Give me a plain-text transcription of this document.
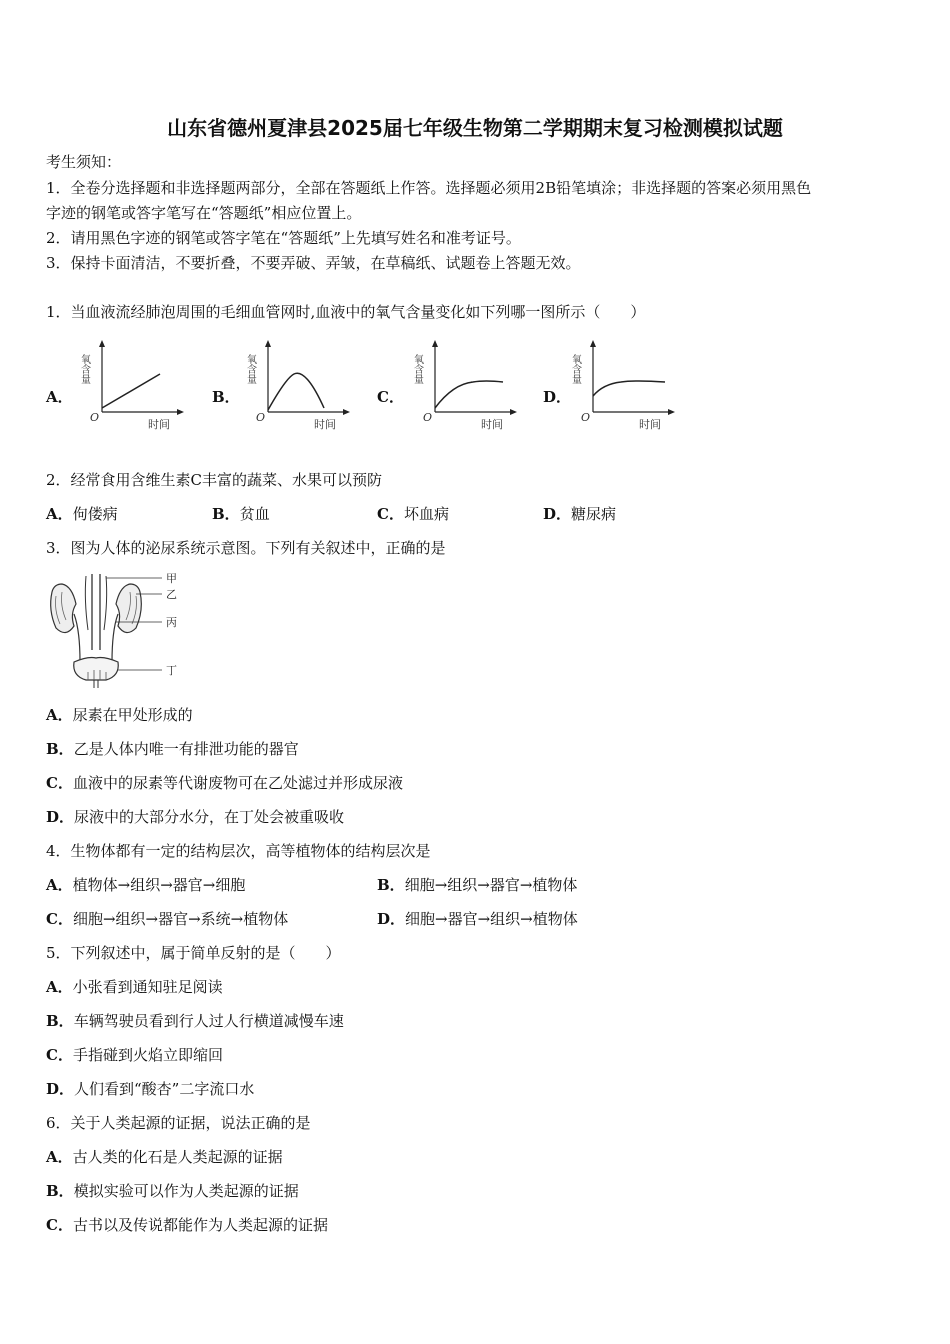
山东省德州夏津县2025届七年级生物第二学期期末复习检测模拟试题
考生须知：
1．全卷分选择题和非选择题两部分，全部在答题纸上作答。选择题必须用2B铅笔填涂；非选择题的答案必须用黑色
字迹的钢笔或答字笔写在“答题纸”相应位置上。
2．请用黑色字迹的钢笔或答字笔在“答题纸”上先填写姓名和准考证号。
3．保持卡面清洁，不要折叠，不要弄破、弄皱，在草稿纸、试题卷上答题无效。
1．当血液流经肺泡周围的毛细血管网时,血液中的氧气含量变化如下列哪一图所示（　　）
A．	B．	C．	D．
氧含量
O
时间
氧含量
O
时间
氧含量
O
时间
氧含量
O
时间
2．经常食用含维生素C丰富的蔬菜、水果可以预防
A．佝偻病	B．贫血	C．坏血病	D．糖尿病
3．图为人体的泌尿系统示意图。下列有关叙述中，正确的是
甲
乙
丙
丁
A．尿素在甲处形成的
B．乙是人体内唯一有排泄功能的器官
C．血液中的尿素等代谢废物可在乙处滤过并形成尿液
D．尿液中的大部分水分，在丁处会被重吸收
4．生物体都有一定的结构层次，高等植物体的结构层次是
A．植物体→组织→器官→细胞	B．细胞→组织→器官→植物体
C．细胞→组织→器官→系统→植物体	D．细胞→器官→组织→植物体
5．下列叙述中，属于简单反射的是（　　）
A．小张看到通知驻足阅读
B．车辆驾驶员看到行人过人行横道减慢车速
C．手指碰到火焰立即缩回
D．人们看到“酸杏”二字流口水
6．关于人类起源的证据，说法正确的是
A．古人类的化石是人类起源的证据
B．模拟实验可以作为人类起源的证据
C．古书以及传说都能作为人类起源的证据
